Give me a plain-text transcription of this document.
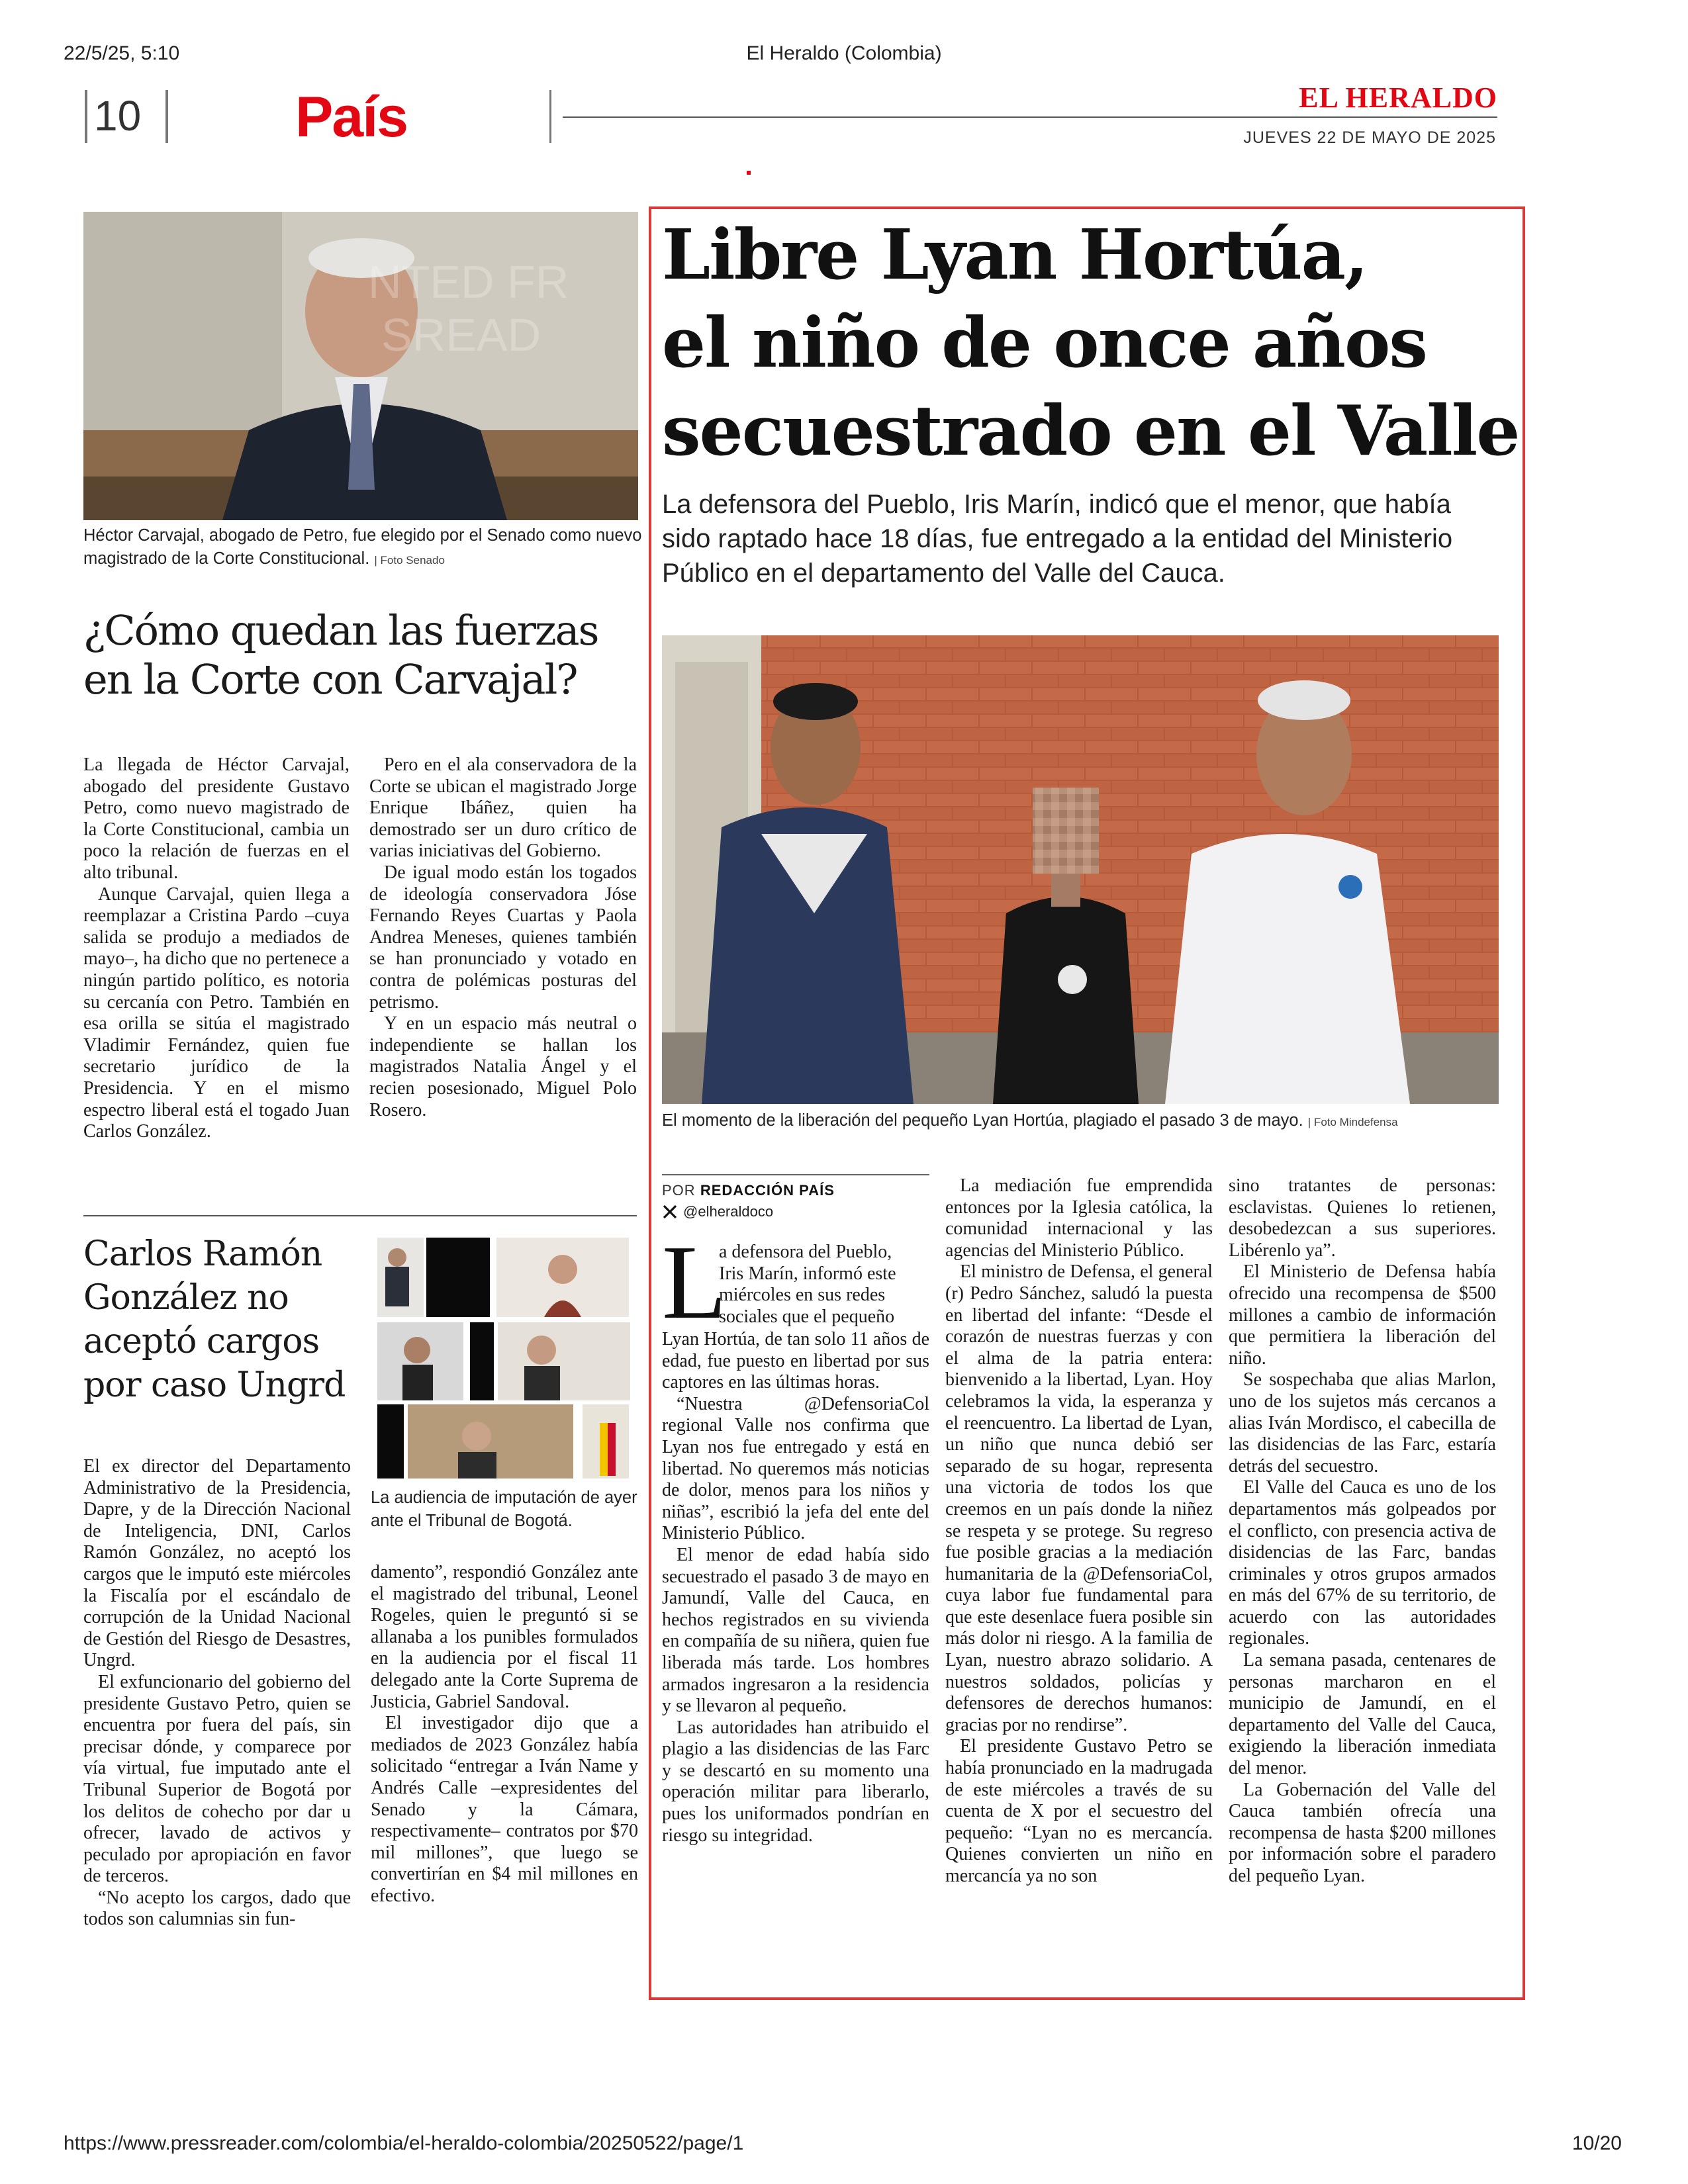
22/5/25, 5:10	El Heraldo (Colombia)
10	País	EL HERALDO
JUEVES 22 DE MAYO DE 2025
NTED FR
SREAD
Héctor Carvajal, abogado de Petro, fue elegido por el Senado como nuevo magistrado de la Corte Constitucional. | Foto Senado
¿Cómo quedan las fuerzas
en la Corte con Carvajal?

La llegada de Héctor Carvajal, abogado del presidente Gustavo Petro, como nuevo magistrado de la Corte Constitucional, cambia un poco la relación de fuerzas en el alto tribunal.

Aunque Carvajal, quien llega a reemplazar a Cristina Pardo –cuya salida se produjo a mediados de mayo–, ha dicho que no pertenece a ningún partido político, es notoria su cercanía con Petro. También en esa orilla se sitúa el magistrado Vladimir Fernández, quien fue secretario jurídico de la Presidencia. Y en el mismo espectro liberal está el togado Juan Carlos González.

Pero en el ala conservadora de la Corte se ubican el magistrado Jorge Enrique Ibáñez, quien ha demostrado ser un duro crítico de varias iniciativas del Gobierno.

De igual modo están los togados de ideología conservadora Jóse Fernando Reyes Cuartas y Paola Andrea Meneses, quienes también se han pronunciado y votado en contra de polémicas posturas del petrismo.

Y en un espacio más neutral o independiente se hallan los magistrados Natalia Ángel y el recien posesionado, Miguel Polo Rosero.

Carlos Ramón
González no
aceptó cargos
por caso Ungrd
La audiencia de imputación de ayer ante el Tribunal de Bogotá.

El ex director del Departamento Administrativo de la Presidencia, Dapre, y de la Dirección Nacional de Inteligencia, DNI, Carlos Ramón González, no aceptó los cargos que le imputó este miércoles la Fiscalía por el escándalo de corrupción de la Unidad Nacional de Gestión del Riesgo de Desastres, Ungrd.

El exfuncionario del gobierno del presidente Gustavo Petro, quien se encuentra por fuera del país, sin precisar dónde, y comparece por vía virtual, fue imputado ante el Tribunal Superior de Bogotá por los delitos de cohecho por dar u ofrecer, lavado de activos y peculado por apropiación en favor de terceros.

“No acepto los cargos, dado que todos son calumnias sin fun-

damento”, respondió González ante el magistrado del tribunal, Leonel Rogeles, quien le preguntó si se allanaba a los punibles formulados en la audiencia por el fiscal 11 delegado ante la Corte Suprema de Justicia, Gabriel Sandoval.

El investigador dijo que a mediados de 2023 González había solicitado “entregar a Iván Name y Andrés Calle –expresidentes del Senado y la Cámara, respectivamente– contratos por $70 mil millones”, que luego se convertirían en $4 mil millones en efectivo.

Libre Lyan Hortúa,
el niño de once años
secuestrado en el Valle
La defensora del Pueblo, Iris Marín, indicó que el menor, que había sido raptado hace 18 días, fue entregado a la entidad del Ministerio Público en el departamento del Valle del Cauca.
El momento de la liberación del pequeño Lyan Hortúa, plagiado el pasado 3 de mayo. | Foto Mindefensa
POR REDACCIÓN PAÍS
@elheraldoco
L
a defensora del Pueblo,
Iris Marín, informó este
miércoles en sus redes
sociales que el pequeño

Lyan Hortúa, de tan solo 11 años de edad, fue puesto en libertad por sus captores en las últimas horas.

“Nuestra @DefensoriaCol regional Valle nos confirma que Lyan nos fue entregado y está en libertad. No queremos más noticias de dolor, menos para los niños y niñas”, escribió la jefa del ente del Ministerio Público.

El menor de edad había sido secuestrado el pasado 3 de mayo en Jamundí, Valle del Cauca, en hechos registrados en su vivienda en compañía de su niñera, quien fue liberada más tarde. Los hombres armados ingresaron a la residencia y se llevaron al pequeño.

Las autoridades han atribuido el plagio a las disidencias de las Farc y se descartó en su momento una operación militar para liberarlo, pues los uniformados pondrían en riesgo su integridad.

La mediación fue emprendida entonces por la Iglesia católica, la comunidad internacional y las agencias del Ministerio Público.

El ministro de Defensa, el general (r) Pedro Sánchez, saludó la puesta en libertad del infante: “Desde el corazón de nuestras fuerzas y con el alma de la patria entera: bienvenido a la libertad, Lyan. Hoy celebramos la vida, la esperanza y el reencuentro. La libertad de Lyan, un niño que nunca debió ser separado de su hogar, representa una victoria de todos los que creemos en un país donde la niñez se respeta y se protege. Su regreso fue posible gracias a la mediación humanitaria de la @DefensoriaCol, cuya labor fue fundamental para que este desenlace fuera posible sin más dolor ni riesgo. A la familia de Lyan, nuestro abrazo solidario. A nuestros soldados, policías y defensores de derechos humanos: gracias por no rendirse”.

El presidente Gustavo Petro se había pronunciado en la madrugada de este miércoles a través de su cuenta de X por el secuestro del pequeño: “Lyan no es mercancía. Quienes convierten un niño en mercancía ya no son

sino tratantes de personas: esclavistas. Quienes lo retienen, desobedezcan a sus superiores. Libérenlo ya”.

El Ministerio de Defensa había ofrecido una recompensa de $500 millones a cambio de información que permitiera la liberación del niño.

Se sospechaba que alias Marlon, uno de los sujetos más cercanos a alias Iván Mordisco, el cabecilla de las disidencias de las Farc, estaría detrás del secuestro.

El Valle del Cauca es uno de los departamentos más golpeados por el conflicto, con presencia activa de disidencias de las Farc, bandas criminales y otros grupos armados en más del 67% de su territorio, de acuerdo con las autoridades regionales.

La semana pasada, centenares de personas marcharon en el municipio de Jamundí, en el departamento del Valle del Cauca, exigiendo la liberación inmediata del menor.

La Gobernación del Valle del Cauca también ofrecía una recompensa de hasta $200 millones por información sobre el paradero del pequeño Lyan.

https://www.pressreader.com/colombia/el-heraldo-colombia/20250522/page/1	10/20
